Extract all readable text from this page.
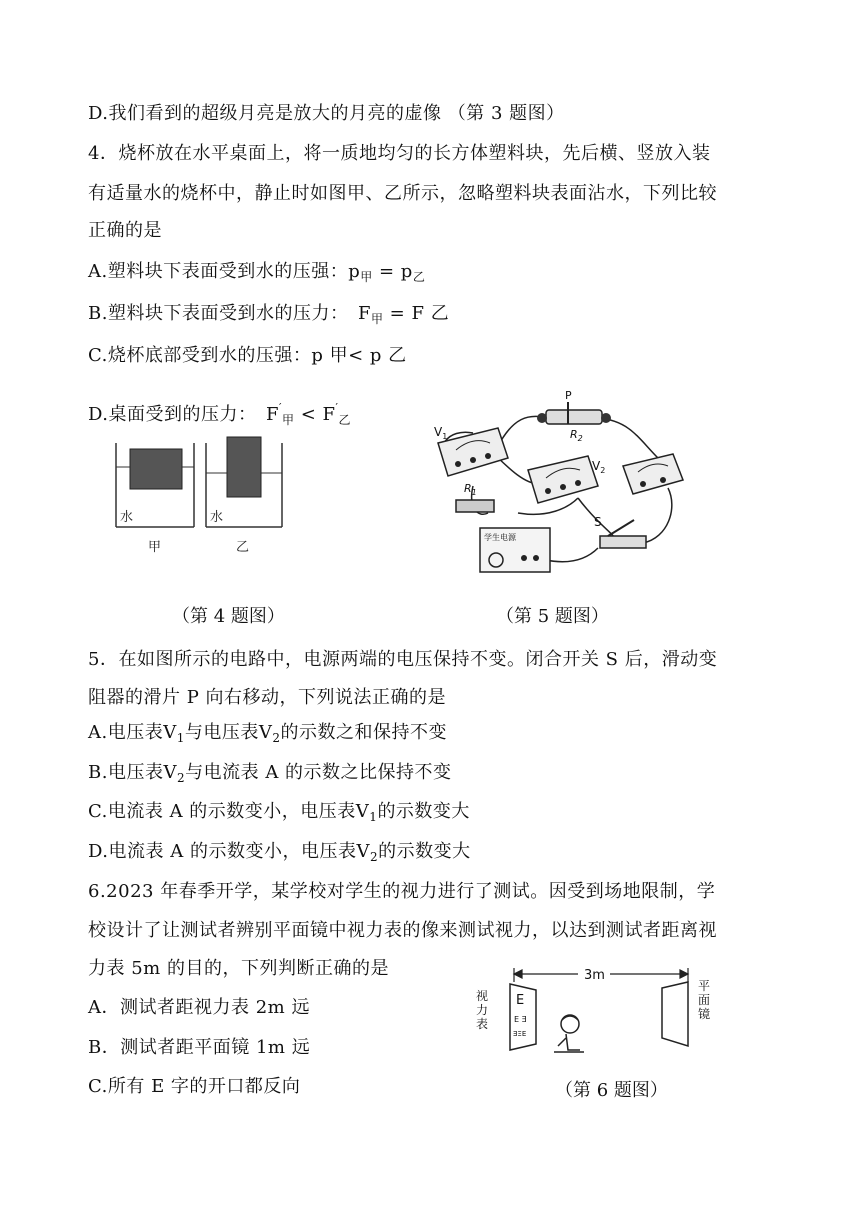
D.我们看到的超级月亮是放大的月亮的虚像 （第 3 题图）
4．烧杯放在水平桌面上，将一质地均匀的长方体塑料块，先后横、竖放入装
有适量水的烧杯中，静止时如图甲、乙所示，忽略塑料块表面沾水，下列比较
正确的是
A.塑料块下表面受到水的压强：$p_甲 = p_乙$
B.塑料块下表面受到水的压力：　$F_甲 = F$ 乙
C.烧杯底部受到水的压强：p 甲< p 乙
D.桌面受到的压力：　$F'_甲 < F'_乙$
水	水
甲	乙
$V_1$
P
$R_2$
$V_2$
$R_1$
学生电源
S
（第 4 题图）	（第 5 题图）
5．在如图所示的电路中，电源两端的电压保持不变。闭合开关 S 后，滑动变
阻器的滑片 P 向右移动，下列说法正确的是
A.电压表$V_1$与电压表$V_2$的示数之和保持不变
B.电压表$V_2$与电流表 A 的示数之比保持不变
C.电流表 A 的示数变小，电压表$V_1$的示数变大
D.电流表 A 的示数变小，电压表$V_2$的示数变大
6.2023 年春季开学，某学校对学生的视力进行了测试。因受到场地限制，学
校设计了让测试者辨别平面镜中视力表的像来测试视力，以达到测试者距离视
力表 5m 的目的，下列判断正确的是
A．测试者距视力表 2m 远
B．测试者距平面镜 1m 远
C.所有 E 字的开口都反向
3m
视
力
表
E
E Ǝ
ƎΞE
平
面
镜
（第 6 题图）
